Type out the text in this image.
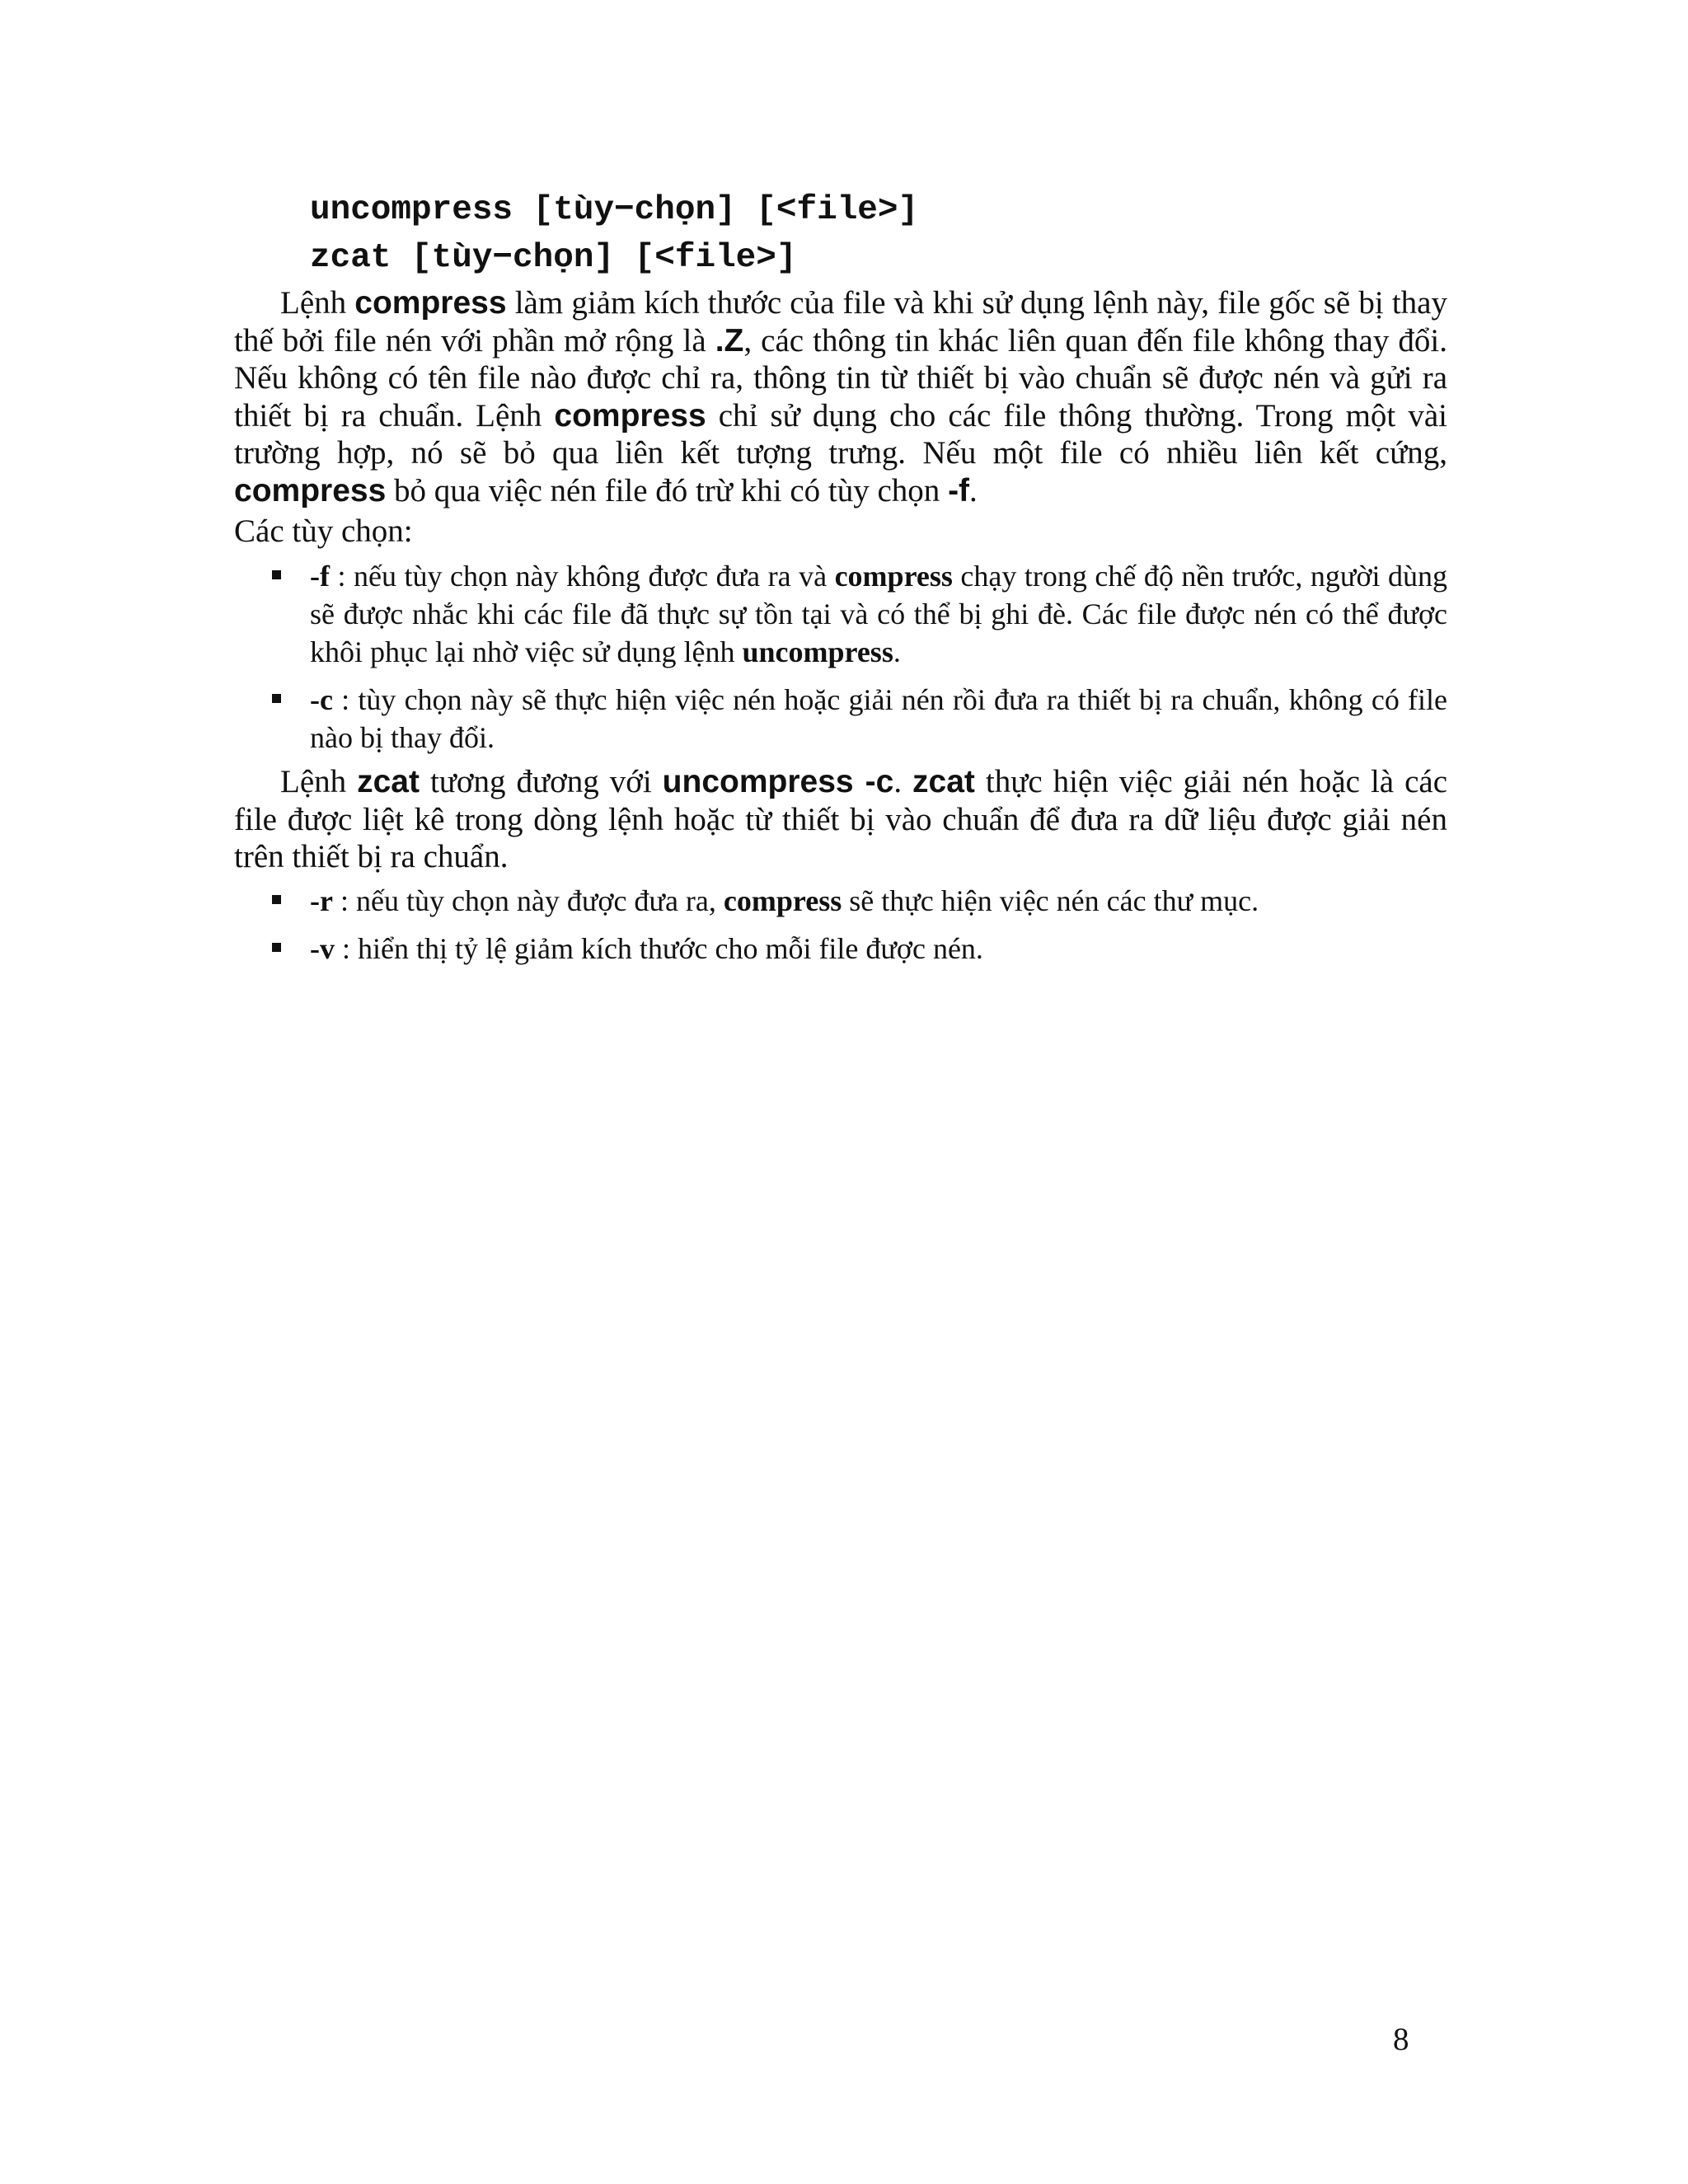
uncompress [tùy−chọn] [<file>]
zcat [tùy−chọn] [<file>]
Lệnh compress làm giảm kích thước của file và khi sử dụng lệnh này, file gốc sẽ bị thay thế bởi file nén với phần mở rộng là .Z, các thông tin khác liên quan đến file không thay đổi. Nếu không có tên file nào được chỉ ra, thông tin từ thiết bị vào chuẩn sẽ được nén và gửi ra thiết bị ra chuẩn. Lệnh compress chỉ sử dụng cho các file thông thường. Trong một vài trường hợp, nó sẽ bỏ qua liên kết tượng trưng. Nếu một file có nhiều liên kết cứng, compress bỏ qua việc nén file đó trừ khi có tùy chọn -f.
Các tùy chọn:
-f : nếu tùy chọn này không được đưa ra và compress chạy trong chế độ nền trước, người dùng sẽ được nhắc khi các file đã thực sự tồn tại và có thể bị ghi đè. Các file được nén có thể được khôi phục lại nhờ việc sử dụng lệnh uncompress.
-c : tùy chọn này sẽ thực hiện việc nén hoặc giải nén rồi đưa ra thiết bị ra chuẩn, không có file nào bị thay đổi.
Lệnh zcat tương đương với uncompress -c. zcat thực hiện việc giải nén hoặc là các file được liệt kê trong dòng lệnh hoặc từ thiết bị vào chuẩn để đưa ra dữ liệu được giải nén trên thiết bị ra chuẩn.
-r : nếu tùy chọn này được đưa ra, compress sẽ thực hiện việc nén các thư mục.
-v : hiển thị tỷ lệ giảm kích thước cho mỗi file được nén.
8
